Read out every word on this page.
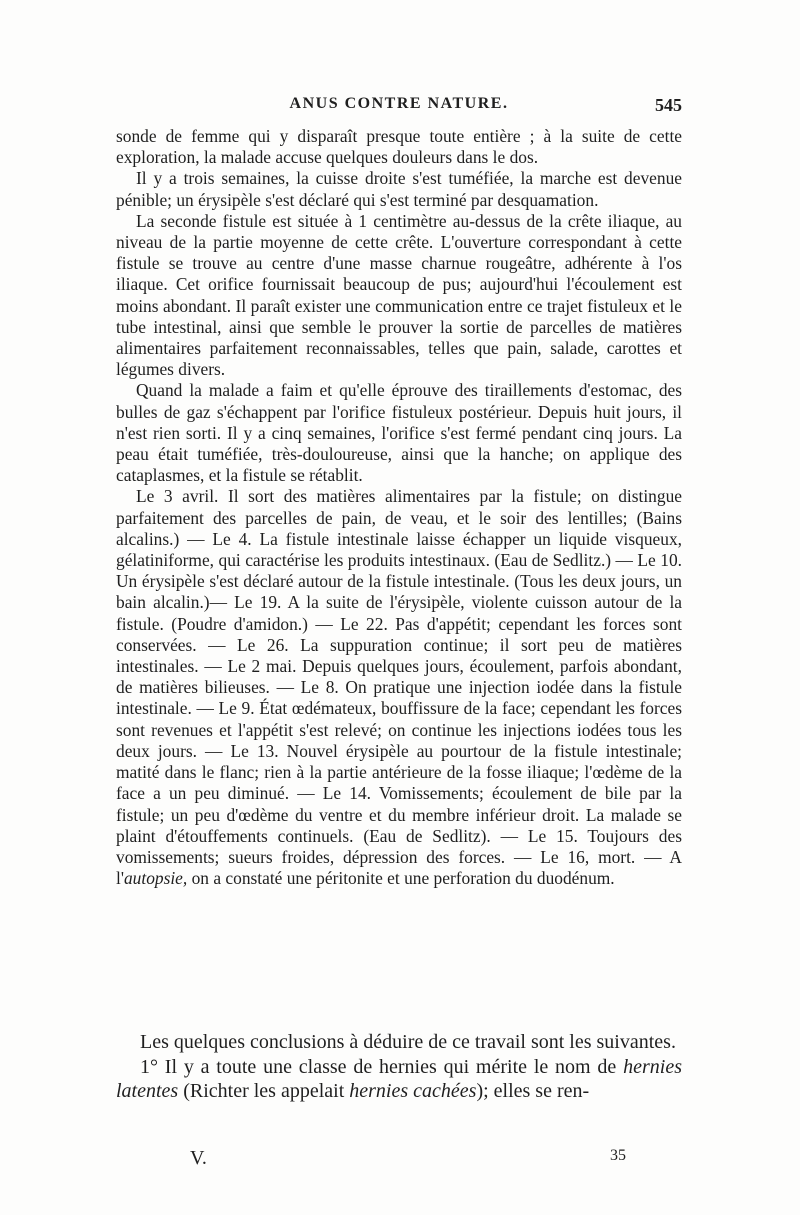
ANUS CONTRE NATURE.	545

sonde de femme qui y disparaît presque toute entière ; à la suite de cette exploration, la malade accuse quelques douleurs dans le dos.

Il y a trois semaines, la cuisse droite s'est tuméfiée, la marche est devenue pénible; un érysipèle s'est déclaré qui s'est terminé par desquamation.

La seconde fistule est située à 1 centimètre au-dessus de la crête iliaque, au niveau de la partie moyenne de cette crête. L'ouverture correspondant à cette fistule se trouve au centre d'une masse charnue rougeâtre, adhérente à l'os iliaque. Cet orifice fournissait beaucoup de pus; aujourd'hui l'écoulement est moins abondant. Il paraît exister une communication entre ce trajet fistuleux et le tube intestinal, ainsi que semble le prouver la sortie de parcelles de matières alimentaires parfaitement reconnaissables, telles que pain, salade, carottes et légumes divers.

Quand la malade a faim et qu'elle éprouve des tiraillements d'estomac, des bulles de gaz s'échappent par l'orifice fistuleux postérieur. Depuis huit jours, il n'est rien sorti. Il y a cinq semaines, l'orifice s'est fermé pendant cinq jours. La peau était tuméfiée, très-douloureuse, ainsi que la hanche; on applique des cataplasmes, et la fistule se rétablit.

Le 3 avril. Il sort des matières alimentaires par la fistule; on distingue parfaitement des parcelles de pain, de veau, et le soir des lentilles; (Bains alcalins.) — Le 4. La fistule intestinale laisse échapper un liquide visqueux, gélatiniforme, qui caractérise les produits intestinaux. (Eau de Sedlitz.) — Le 10. Un érysipèle s'est déclaré autour de la fistule intestinale. (Tous les deux jours, un bain alcalin.)— Le 19. A la suite de l'érysipèle, violente cuisson autour de la fistule. (Poudre d'amidon.) — Le 22. Pas d'appétit; cependant les forces sont conservées. — Le 26. La suppuration continue; il sort peu de matières intestinales. — Le 2 mai. Depuis quelques jours, écoulement, parfois abondant, de matières bilieuses. — Le 8. On pratique une injection iodée dans la fistule intestinale. — Le 9. État œdémateux, bouffissure de la face; cependant les forces sont revenues et l'appétit s'est relevé; on continue les injections iodées tous les deux jours. — Le 13. Nouvel érysipèle au pourtour de la fistule intestinale; matité dans le flanc; rien à la partie antérieure de la fosse iliaque; l'œdème de la face a un peu diminué. — Le 14. Vomissements; écoulement de bile par la fistule; un peu d'œdème du ventre et du membre inférieur droit. La malade se plaint d'étouffements continuels. (Eau de Sedlitz). — Le 15. Toujours des vomissements; sueurs froides, dépression des forces. — Le 16, mort. — A l'autopsie, on a constaté une péritonite et une perforation du duodénum.

Les quelques conclusions à déduire de ce travail sont les suivantes.

1° Il y a toute une classe de hernies qui mérite le nom de hernies latentes (Richter les appelait hernies cachées); elles se ren-

V.	35
